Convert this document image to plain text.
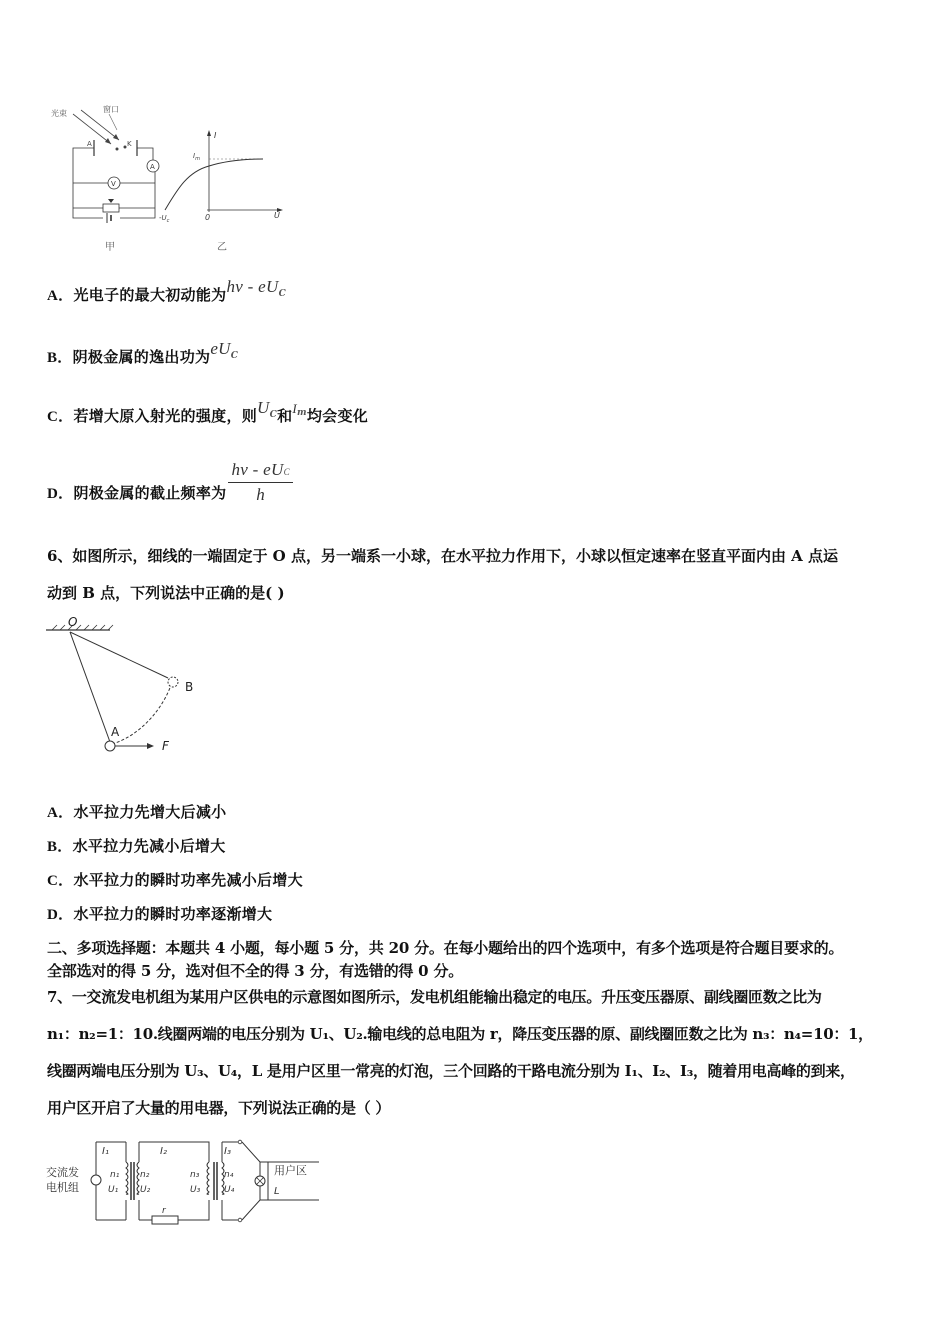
光束	窗口
A	K
A
V
甲
I
U
$I_m$
$-U_c$	0
乙
A．光电子的最大初动能为hν - $eU^C$
B．阴极金属的逸出功为$eU^C$
C．若增大原入射光的强度，则$U^C$和$I^m$均会变化
D． 阴极金属的截止频率为 $\frac{\text{hν - eUC}}{h}$
6、如图所示，细线的一端固定于 O 点，另一端系一小球，在水平拉力作用下，小球以恒定速率在竖直平面内由 A 点运
动到 B 点，下列说法中正确的是( )
O
A
B
F
A．水平拉力先增大后减小
B．水平拉力先减小后增大
C．水平拉力的瞬时功率先减小后增大
D．水平拉力的瞬时功率逐渐增大
二、多项选择题：本题共 4 小题，每小题 5 分，共 20 分。在每小题给出的四个选项中，有多个选项是符合题目要求的。
全部选对的得 5 分，选对但不全的得 3 分，有选错的得 0 分。
7、一交流发电机组为某用户区供电的示意图如图所示，发电机组能输出稳定的电压。升压变压器原、副线圈匝数之比为
n₁：n₂=1：10.线圈两端的电压分别为 U₁、U₂.输电线的总电阻为 r，降压变压器的原、副线圈匝数之比为 n₃：n₄=10：1，
线圈两端电压分别为 U₃、U₄，L 是用户区里一常亮的灯泡，三个回路的干路电流分别为 I₁、I₂、I₃，随着用电高峰的到来，
用户区开启了大量的用电器，下列说法正确的是（ ）
交流发
电机组
I₁
n₁
U₁
r
n₂
U₂
I₂
n₃
U₃
n₄
U₄
I₃
用户区
L
